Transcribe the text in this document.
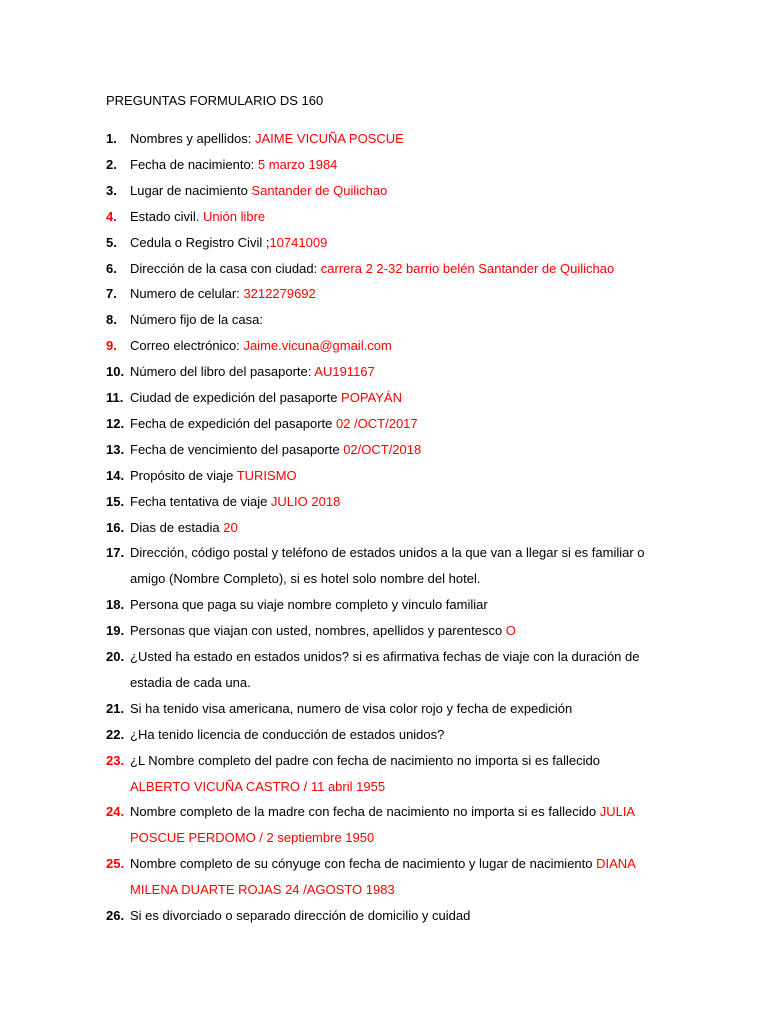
PREGUNTAS FORMULARIO DS 160
1. Nombres y apellidos: JAIME VICUÑA POSCUE
2. Fecha de nacimiento: 5 marzo 1984
3. Lugar de nacimiento Santander de Quilichao
4. Estado civil. Unión libre
5. Cedula o Registro Civil ;10741009
6. Dirección de la casa con ciudad: carrera 2 2-32 barrio belén Santander de Quilichao
7. Numero de celular: 3212279692
8. Número fijo de la casa:
9. Correo electrónico: Jaime.vicuna@gmail.com
10. Número del libro del pasaporte: AU191167
11. Ciudad de expedición del pasaporte POPAYÁN
12. Fecha de expedición del pasaporte 02 /OCT/2017
13. Fecha de vencimiento del pasaporte 02/OCT/2018
14. Propósito de viaje TURISMO
15. Fecha tentativa de viaje JULIO 2018
16. Dias de estadia 20
17. Dirección, código postal y teléfono de estados unidos a la que van a llegar si es familiar o
amigo (Nombre Completo), si es hotel solo nombre del hotel.
18. Persona que paga su viaje nombre completo y vinculo familiar
19. Personas que viajan con usted, nombres, apellidos y parentesco O
20. ¿Usted ha estado en estados unidos? si es afirmativa fechas de viaje con la duración de
estadia de cada una.
21. Si ha tenido visa americana, numero de visa color rojo y fecha de expedición
22. ¿Ha tenido licencia de conducción de estados unidos?
23. ¿L Nombre completo del padre con fecha de nacimiento no importa si es fallecido
ALBERTO VICUÑA CASTRO / 11 abril 1955
24. Nombre completo de la madre con fecha de nacimiento no importa si es fallecido JULIA
POSCUE PERDOMO / 2 septiembre 1950
25. Nombre completo de su cónyuge con fecha de nacimiento y lugar de nacimiento DIANA
MILENA DUARTE ROJAS 24 /AGOSTO 1983
26. Si es divorciado o separado dirección de domicilio y cuidad
